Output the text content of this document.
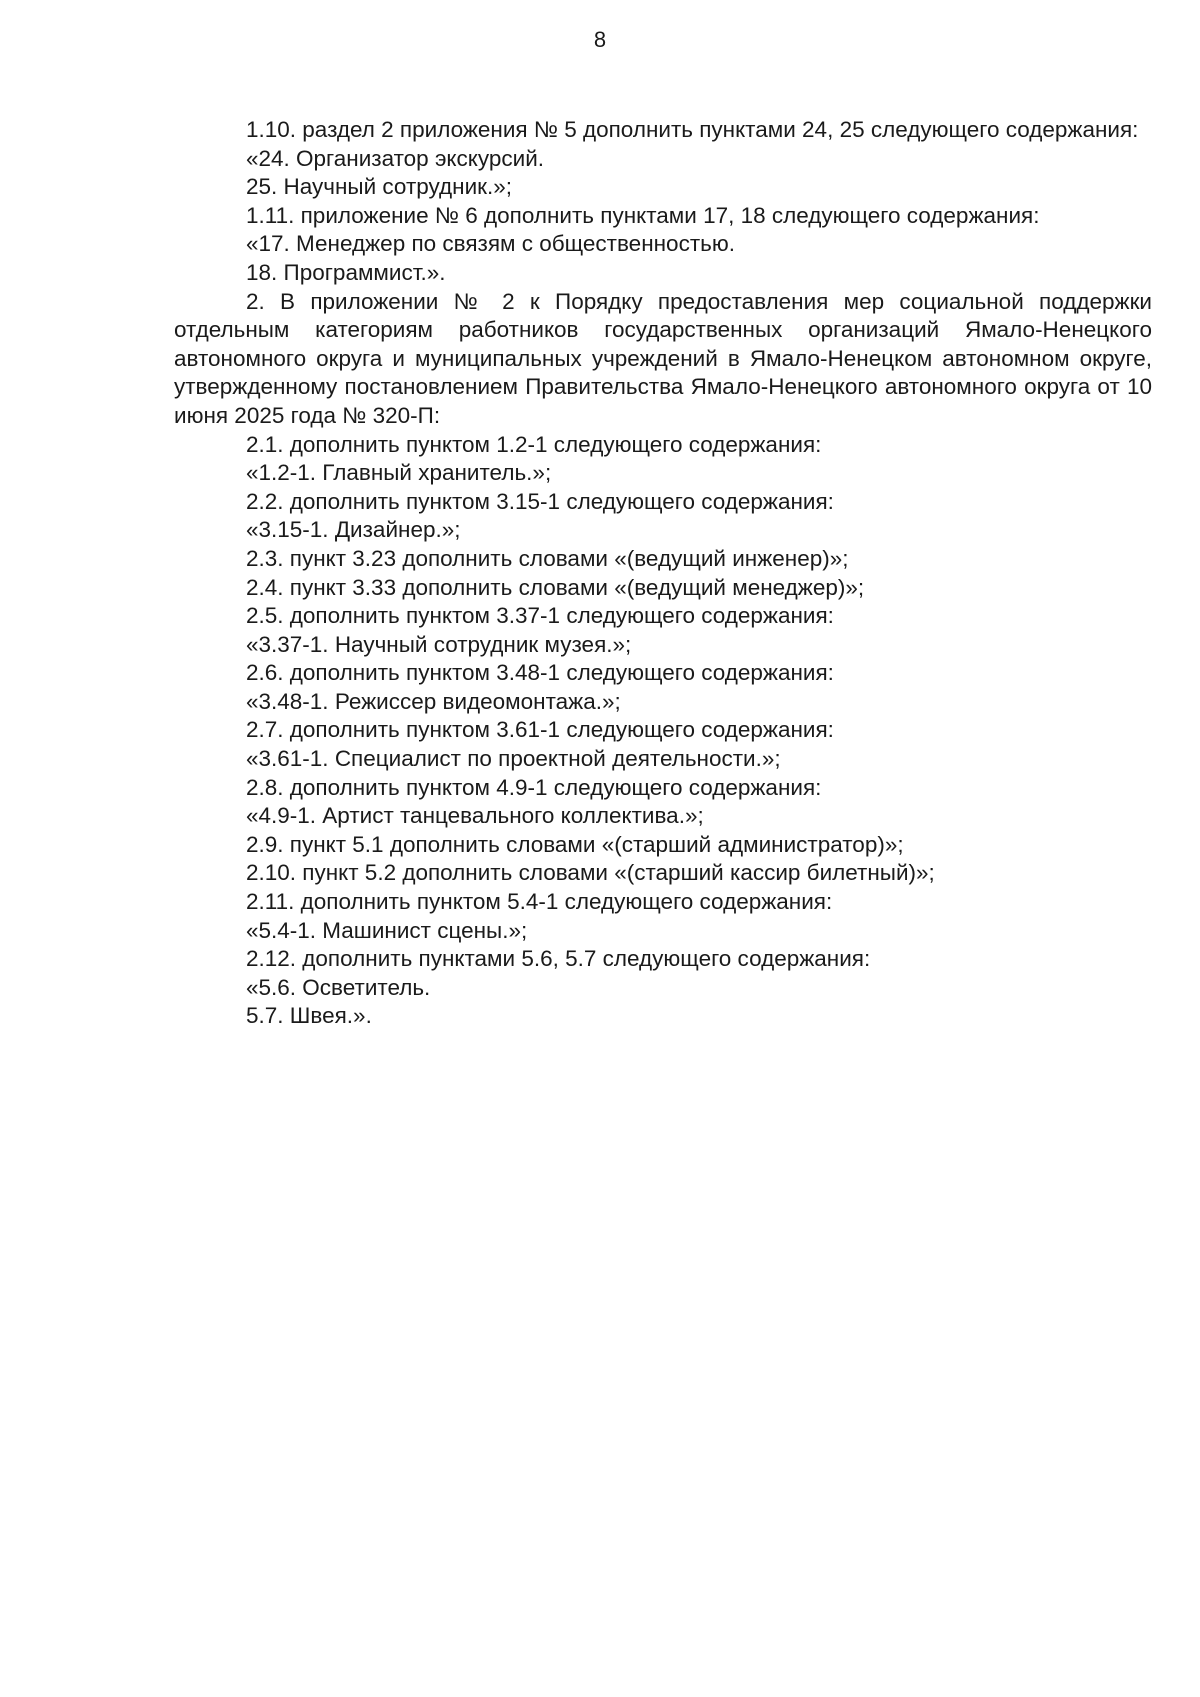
8

1.10. раздел 2 приложения № 5 дополнить пунктами 24, 25 следующего содержания:

«24. Организатор экскурсий.

25. Научный сотрудник.»;

1.11. приложение № 6 дополнить пунктами 17, 18 следующего содержания:

«17. Менеджер по связям с общественностью.

18. Программист.».

2. В приложении № 2 к Порядку предоставления мер социальной поддержки отдельным категориям работников государственных организаций Ямало-Ненецкого автономного округа и муниципальных учреждений в Ямало-Ненецком автономном округе, утвержденному постановлением Правительства Ямало-Ненецкого автономного округа от 10 июня 2025 года № 320-П:

2.1. дополнить пунктом 1.2-1 следующего содержания:

«1.2-1. Главный хранитель.»;

2.2. дополнить пунктом 3.15-1 следующего содержания:

«3.15-1. Дизайнер.»;

2.3. пункт 3.23 дополнить словами «(ведущий инженер)»;

2.4. пункт 3.33 дополнить словами «(ведущий менеджер)»;

2.5. дополнить пунктом 3.37-1 следующего содержания:

«3.37-1. Научный сотрудник музея.»;

2.6. дополнить пунктом 3.48-1 следующего содержания:

«3.48-1. Режиссер видеомонтажа.»;

2.7. дополнить пунктом 3.61-1 следующего содержания:

«3.61-1. Специалист по проектной деятельности.»;

2.8. дополнить пунктом 4.9-1 следующего содержания:

«4.9-1. Артист танцевального коллектива.»;

2.9. пункт 5.1 дополнить словами «(старший администратор)»;

2.10. пункт 5.2 дополнить словами «(старший кассир билетный)»;

2.11. дополнить пунктом 5.4-1 следующего содержания:

«5.4-1. Машинист сцены.»;

2.12. дополнить пунктами 5.6, 5.7 следующего содержания:

«5.6. Осветитель.

5.7. Швея.».
